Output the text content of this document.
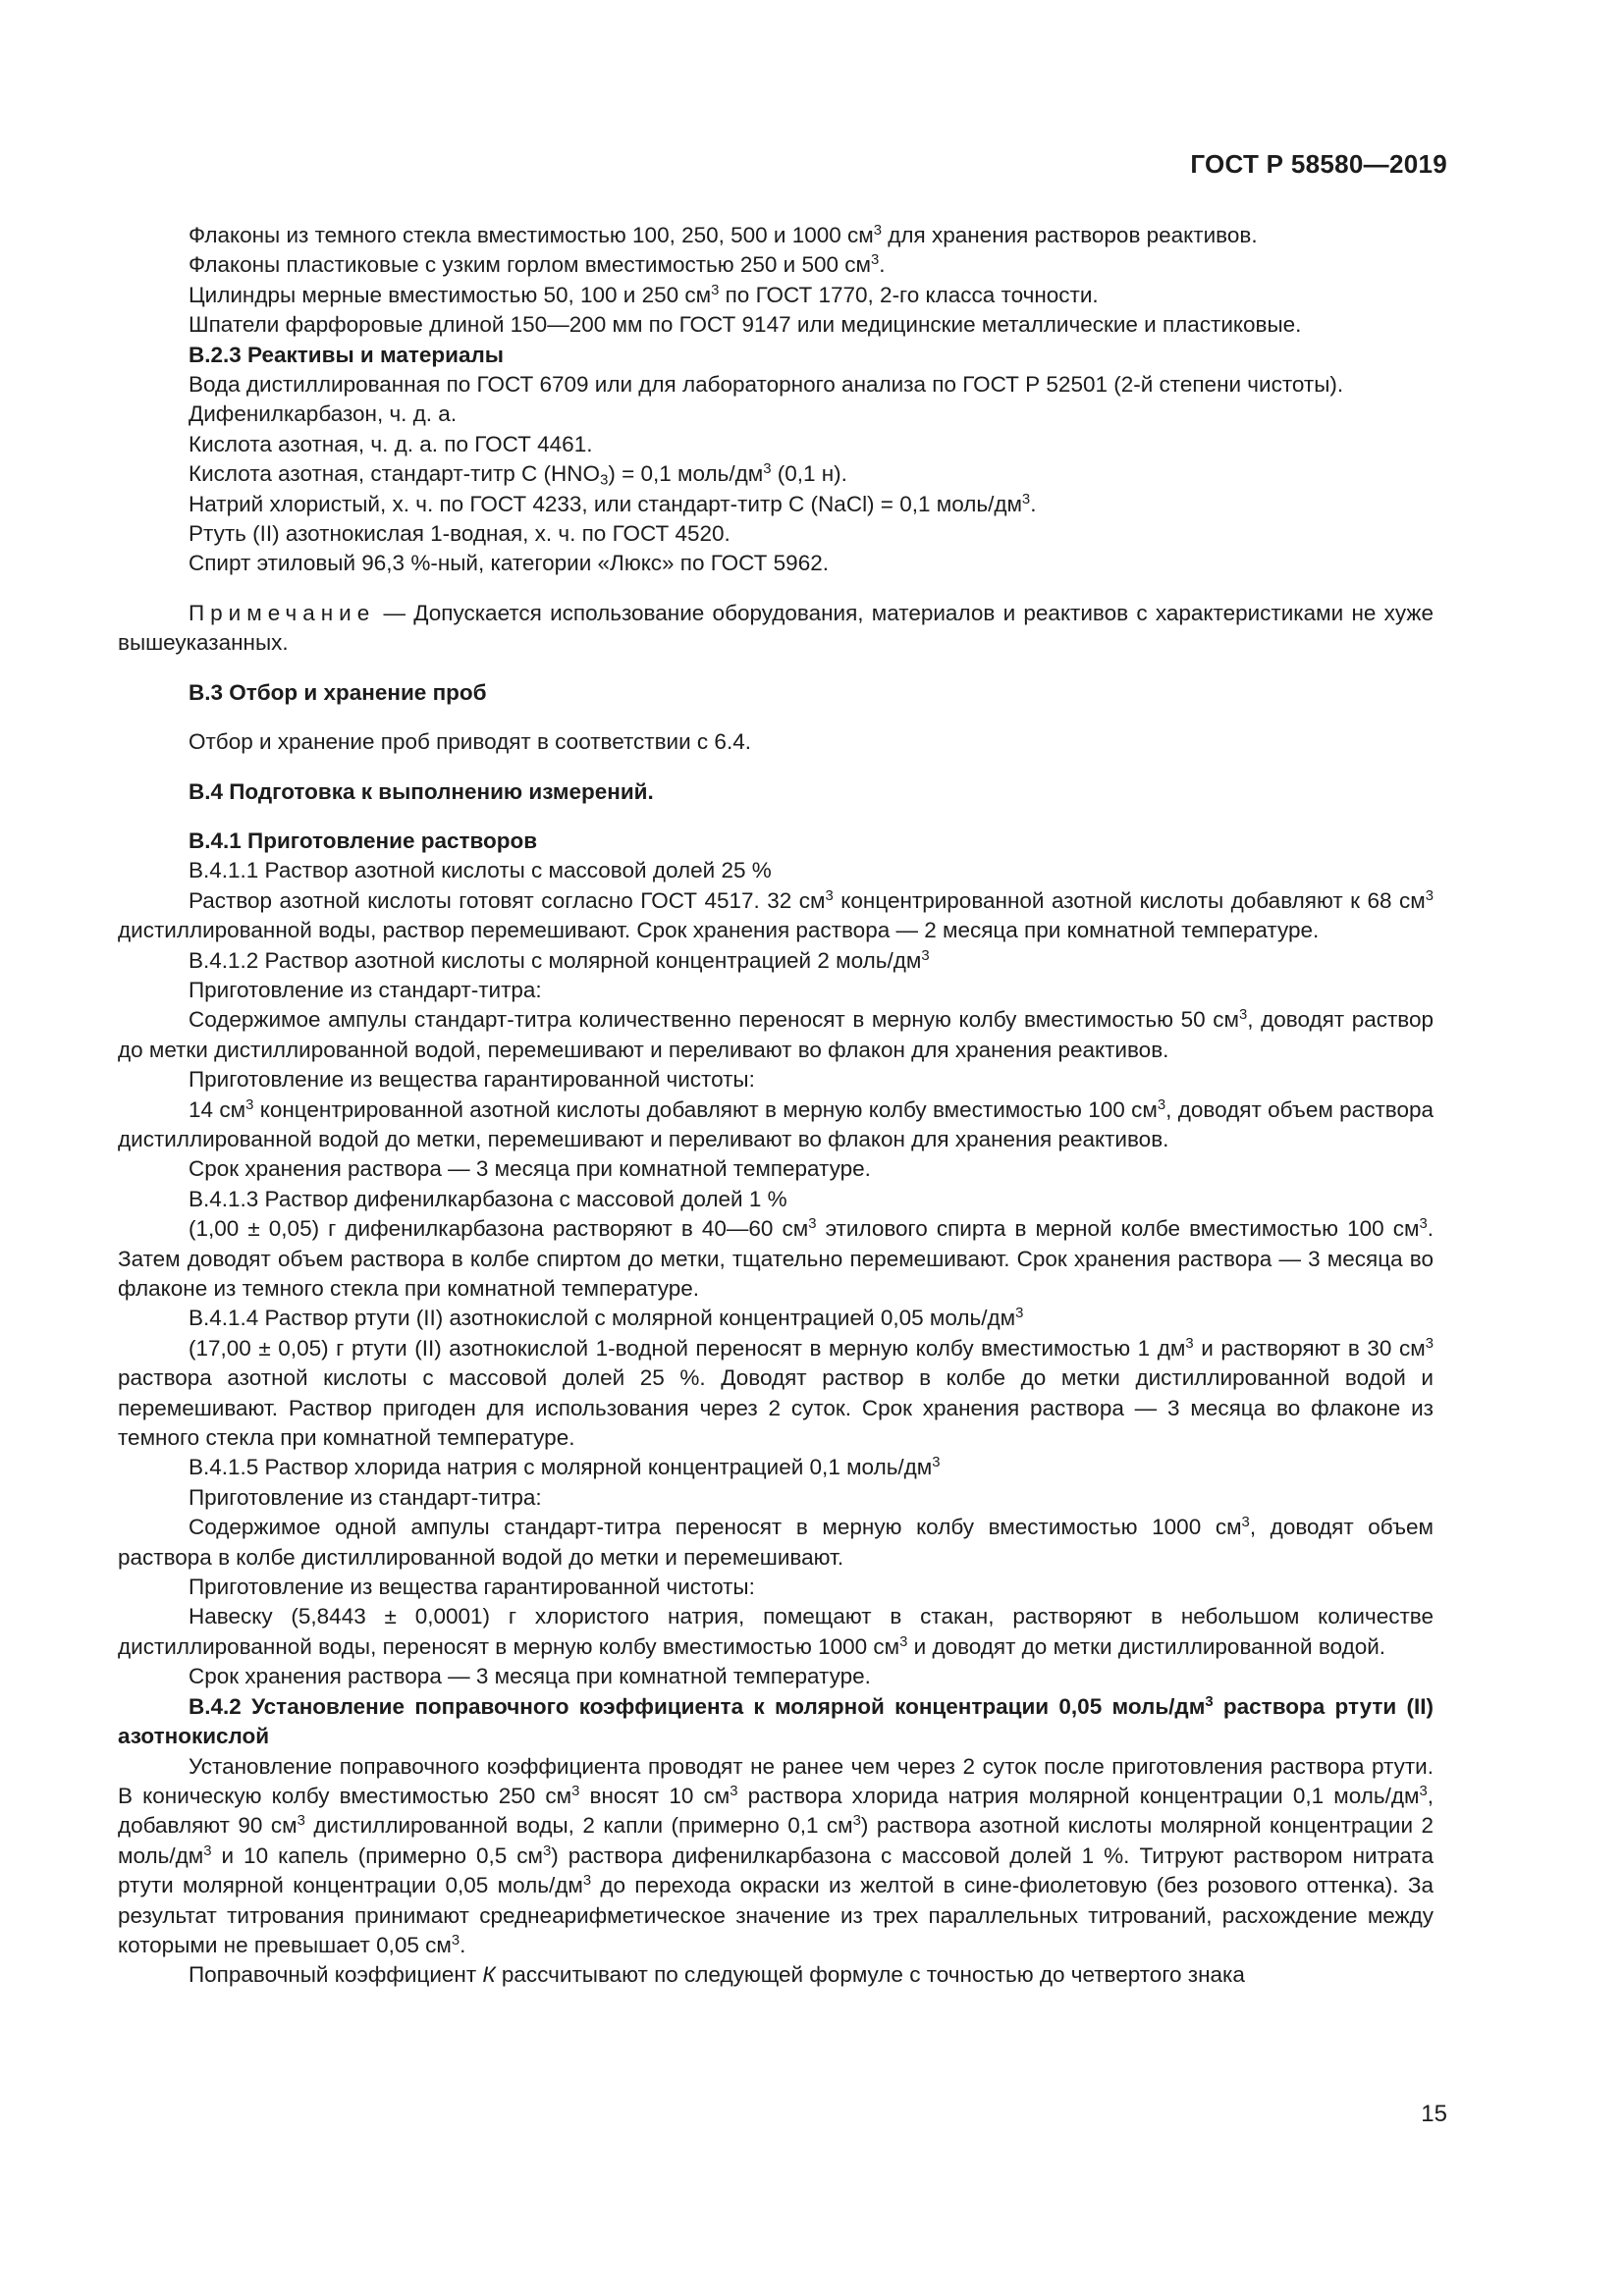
ГОСТ Р 58580—2019

Флаконы из темного стекла вместимостью 100, 250, 500 и 1000 $см^3$ для хранения растворов реактивов.

Флаконы пластиковые с узким горлом вместимостью 250 и 500 $см^3$.

Цилиндры мерные вместимостью 50, 100 и 250 $см^3$ по ГОСТ 1770, 2-го класса точности.

Шпатели фарфоровые длиной 150—200 мм по ГОСТ 9147 или медицинские металлические и пластиковые.

В.2.3 Реактивы и материалы

Вода дистиллированная по ГОСТ 6709 или для лабораторного анализа по ГОСТ Р 52501 (2-й степени чистоты).

Дифенилкарбазон, ч. д. а.

Кислота азотная, ч. д. а. по ГОСТ 4461.

Кислота азотная, стандарт-титр С $(HNO_3) = 0,1$ моль/$дм^3$ (0,1 н).

Натрий хлористый, х. ч. по ГОСТ 4233, или стандарт-титр С (NaCl) = 0,1 моль/$дм^3$.

Ртуть (II) азотнокислая 1-водная, х. ч. по ГОСТ 4520.

Спирт этиловый 96,3 %-ный, категории «Люкс» по ГОСТ 5962.

Примечание — Допускается использование оборудования, материалов и реактивов с характеристиками не хуже вышеуказанных.

В.3 Отбор и хранение проб

Отбор и хранение проб приводят в соответствии с 6.4.

В.4 Подготовка к выполнению измерений.

В.4.1 Приготовление растворов

В.4.1.1 Раствор азотной кислоты с массовой долей 25 %

Раствор азотной кислоты готовят согласно ГОСТ 4517. 32 $см^3$ концентрированной азотной кислоты добавляют к 68 $см^3$ дистиллированной воды, раствор перемешивают. Срок хранения раствора — 2 месяца при комнатной температуре.

В.4.1.2 Раствор азотной кислоты с молярной концентрацией 2 моль/$дм^3$

Приготовление из стандарт-титра:

Содержимое ампулы стандарт-титра количественно переносят в мерную колбу вместимостью 50 $см^3$, доводят раствор до метки дистиллированной водой, перемешивают и переливают во флакон для хранения реактивов.

Приготовление из вещества гарантированной чистоты:

14 $см^3$ концентрированной азотной кислоты добавляют в мерную колбу вместимостью 100 $см^3$, доводят объем раствора дистиллированной водой до метки, перемешивают и переливают во флакон для хранения реактивов.

Срок хранения раствора — 3 месяца при комнатной температуре.

В.4.1.3 Раствор дифенилкарбазона с массовой долей 1 %

(1,00 ± 0,05) г дифенилкарбазона растворяют в 40—60 $см^3$ этилового спирта в мерной колбе вместимостью 100 $см^3$. Затем доводят объем раствора в колбе спиртом до метки, тщательно перемешивают. Срок хранения раствора — 3 месяца во флаконе из темного стекла при комнатной температуре.

В.4.1.4 Раствор ртути (II) азотнокислой с молярной концентрацией 0,05 моль/$дм^3$

(17,00 ± 0,05) г ртути (II) азотнокислой 1-водной переносят в мерную колбу вместимостью 1 $дм^3$ и растворяют в 30 $см^3$ раствора азотной кислоты с массовой долей 25 %. Доводят раствор в колбе до метки дистиллированной водой и перемешивают. Раствор пригоден для использования через 2 суток. Срок хранения раствора — 3 месяца во флаконе из темного стекла при комнатной температуре.

В.4.1.5 Раствор хлорида натрия с молярной концентрацией 0,1 моль/$дм^3$

Приготовление из стандарт-титра:

Содержимое одной ампулы стандарт-титра переносят в мерную колбу вместимостью 1000 $см^3$, доводят объем раствора в колбе дистиллированной водой до метки и перемешивают.

Приготовление из вещества гарантированной чистоты:

Навеску (5,8443 ± 0,0001) г хлористого натрия, помещают в стакан, растворяют в небольшом количестве дистиллированной воды, переносят в мерную колбу вместимостью 1000 $см^3$ и доводят до метки дистиллированной водой.

Срок хранения раствора — 3 месяца при комнатной температуре.

В.4.2 Установление поправочного коэффициента к молярной концентрации 0,05 моль/$дм^3$ раствора ртути (II) азотнокислой

Установление поправочного коэффициента проводят не ранее чем через 2 суток после приготовления раствора ртути. В коническую колбу вместимостью 250 $см^3$ вносят 10 $см^3$ раствора хлорида натрия молярной концентрации 0,1 моль/$дм^3$, добавляют 90 $см^3$ дистиллированной воды, 2 капли (примерно 0,1 $см^3$) раствора азотной кислоты молярной концентрации 2 моль/$дм^3$ и 10 капель (примерно 0,5 $см^3$) раствора дифенилкарбазона с массовой долей 1 %. Титруют раствором нитрата ртути молярной концентрации 0,05 моль/$дм^3$ до перехода окраски из желтой в сине-фиолетовую (без розового оттенка). За результат титрования принимают среднеарифметическое значение из трех параллельных титрований, расхождение между которыми не превышает 0,05 $см^3$.

Поправочный коэффициент К рассчитывают по следующей формуле с точностью до четвертого знака

15
